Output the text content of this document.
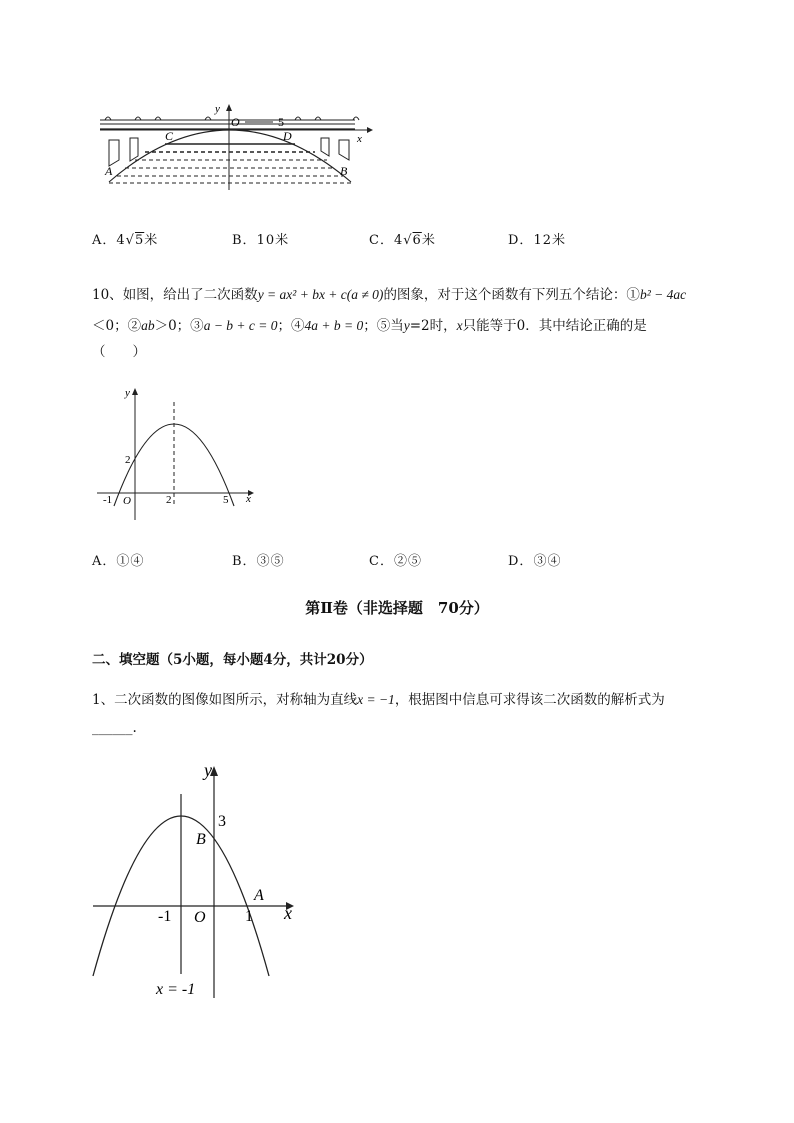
y
O	5
x
C	D
A	B
A．4√5米	B．10米	C．4√6米	D．12米
10、如图，给出了二次函数y = ax² + bx + c(a ≠ 0)的图象，对于这个函数有下列五个结论：①b² − 4ac
＜0；②ab＞0；③a − b + c = 0；④4a + b = 0；⑤当y=2时，x只能等于0．其中结论正确的是
（　　）
y
x
2
-1 O	2	5
A．①④	B．③⑤	C．②⑤	D．③④
第Ⅱ卷（非选择题　70分）
二、填空题（5小题，每小题4分，共计20分）
1、二次函数的图像如图所示，对称轴为直线x = −1，根据图中信息可求得该二次函数的解析式为
______.
y
3
B
A
-1 O 1 x
x = -1
